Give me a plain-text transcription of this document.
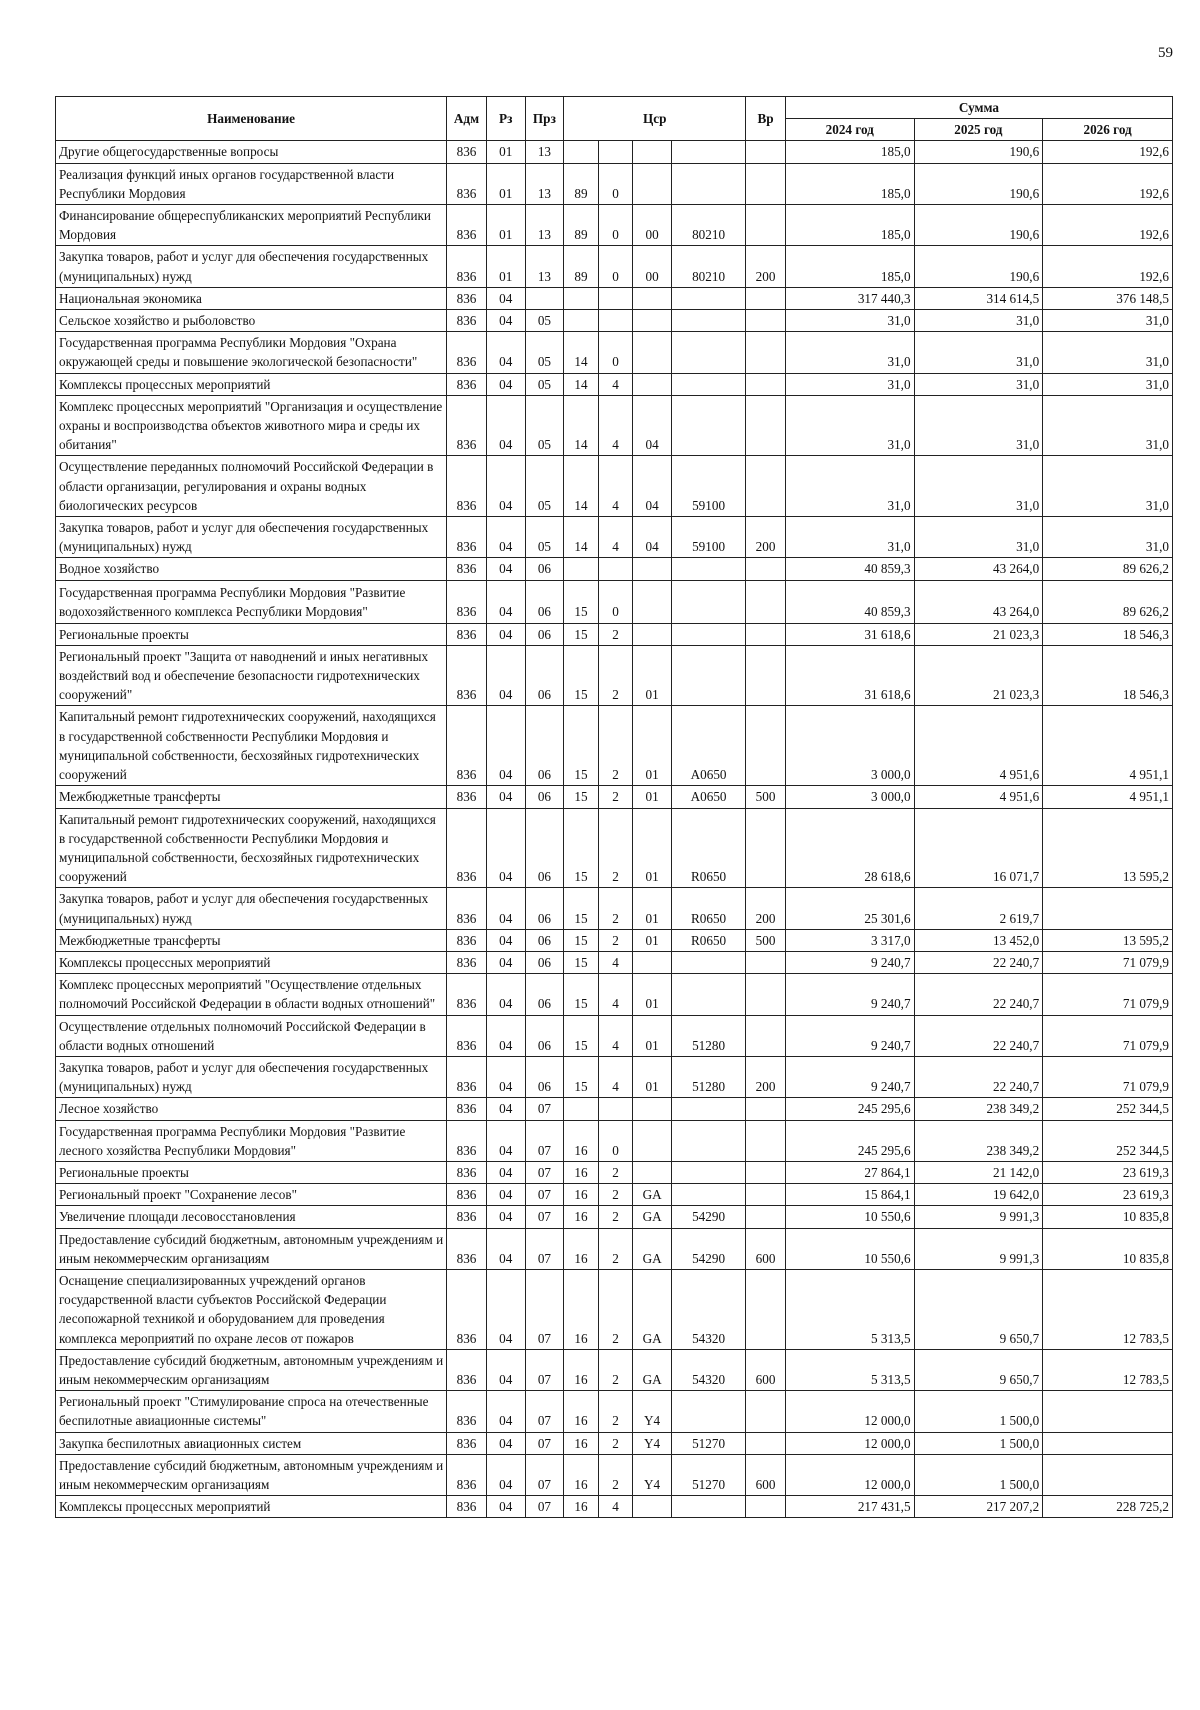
59
Наименование	Адм	Рз	Прз	Цср				Вр	Сумма		
									2024 год	2025 год	2026 год
Другие общегосударственные вопросы	836	01	13						185,0	190,6	192,6
Реализация функций иных органов государственной власти Республики Мордовия	836	01	13	89	0				185,0	190,6	192,6
Финансирование общереспубликанских мероприятий Республики Мордовия	836	01	13	89	0	00	80210		185,0	190,6	192,6
Закупка товаров, работ и услуг для обеспечения государственных (муниципальных) нужд	836	01	13	89	0	00	80210	200	185,0	190,6	192,6
Национальная экономика	836	04							317 440,3	314 614,5	376 148,5
Сельское хозяйство и рыболовство	836	04	05						31,0	31,0	31,0
Государственная программа Республики Мордовия "Охрана окружающей среды и повышение экологической безопасности"	836	04	05	14	0				31,0	31,0	31,0
Комплексы процессных мероприятий	836	04	05	14	4				31,0	31,0	31,0
Комплекс процессных мероприятий "Организация и осуществление охраны и воспроизводства объектов животного мира и среды их обитания"	836	04	05	14	4	04			31,0	31,0	31,0
Осуществление переданных полномочий Российской Федерации в области организации, регулирования и охраны водных биологических ресурсов	836	04	05	14	4	04	59100		31,0	31,0	31,0
Закупка товаров, работ и услуг для обеспечения государственных (муниципальных) нужд	836	04	05	14	4	04	59100	200	31,0	31,0	31,0
Водное хозяйство	836	04	06						40 859,3	43 264,0	89 626,2
Государственная программа Республики Мордовия "Развитие водохозяйственного комплекса Республики Мордовия"	836	04	06	15	0				40 859,3	43 264,0	89 626,2
Региональные проекты	836	04	06	15	2				31 618,6	21 023,3	18 546,3
Региональный проект "Защита от наводнений и иных негативных воздействий вод и обеспечение безопасности гидротехнических сооружений"	836	04	06	15	2	01			31 618,6	21 023,3	18 546,3
Капитальный ремонт гидротехнических сооружений, находящихся в государственной собственности Республики Мордовия и муниципальной собственности, бесхозяйных гидротехнических сооружений	836	04	06	15	2	01	А0650		3 000,0	4 951,6	4 951,1
Межбюджетные трансферты	836	04	06	15	2	01	А0650	500	3 000,0	4 951,6	4 951,1
Капитальный ремонт гидротехнических сооружений, находящихся в государственной собственности Республики Мордовия и муниципальной собственности, бесхозяйных гидротехнических сооружений	836	04	06	15	2	01	R0650		28 618,6	16 071,7	13 595,2
Закупка товаров, работ и услуг для обеспечения государственных (муниципальных) нужд	836	04	06	15	2	01	R0650	200	25 301,6	2 619,7	
Межбюджетные трансферты	836	04	06	15	2	01	R0650	500	3 317,0	13 452,0	13 595,2
Комплексы процессных мероприятий	836	04	06	15	4				9 240,7	22 240,7	71 079,9
Комплекс процессных мероприятий "Осуществление отдельных полномочий Российской Федерации в области водных отношений"	836	04	06	15	4	01			9 240,7	22 240,7	71 079,9
Осуществление отдельных полномочий Российской Федерации в области водных отношений	836	04	06	15	4	01	51280		9 240,7	22 240,7	71 079,9
Закупка товаров, работ и услуг для обеспечения государственных (муниципальных) нужд	836	04	06	15	4	01	51280	200	9 240,7	22 240,7	71 079,9
Лесное хозяйство	836	04	07						245 295,6	238 349,2	252 344,5
Государственная программа Республики Мордовия "Развитие лесного хозяйства Республики Мордовия"	836	04	07	16	0				245 295,6	238 349,2	252 344,5
Региональные проекты	836	04	07	16	2				27 864,1	21 142,0	23 619,3
Региональный проект "Сохранение лесов"	836	04	07	16	2	GA			15 864,1	19 642,0	23 619,3
Увеличение площади лесовосстановления	836	04	07	16	2	GA	54290		10 550,6	9 991,3	10 835,8
Предоставление субсидий бюджетным, автономным учреждениям и иным некоммерческим организациям	836	04	07	16	2	GA	54290	600	10 550,6	9 991,3	10 835,8
Оснащение специализированных учреждений органов государственной власти субъектов Российской Федерации лесопожарной техникой и оборудованием для проведения комплекса мероприятий по охране лесов от пожаров	836	04	07	16	2	GA	54320		5 313,5	9 650,7	12 783,5
Предоставление субсидий бюджетным, автономным учреждениям и иным некоммерческим организациям	836	04	07	16	2	GA	54320	600	5 313,5	9 650,7	12 783,5
Региональный проект "Стимулирование спроса на отечественные беспилотные авиационные системы"	836	04	07	16	2	Y4			12 000,0	1 500,0	
Закупка беспилотных авиационных систем	836	04	07	16	2	Y4	51270		12 000,0	1 500,0	
Предоставление субсидий бюджетным, автономным учреждениям и иным некоммерческим организациям	836	04	07	16	2	Y4	51270	600	12 000,0	1 500,0	
Комплексы процессных мероприятий	836	04	07	16	4				217 431,5	217 207,2	228 725,2
